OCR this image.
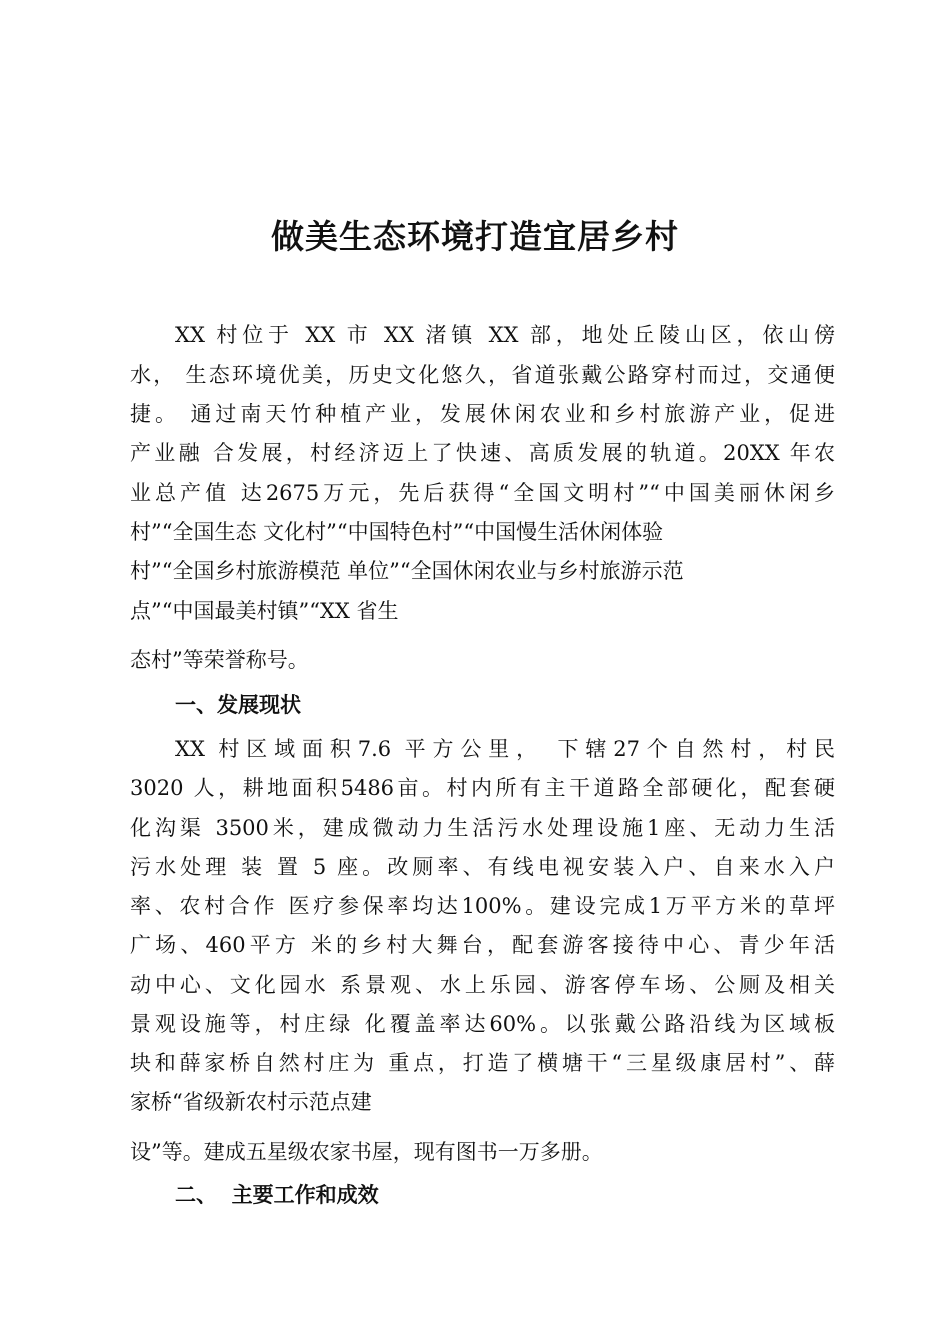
做美生态环境打造宜居乡村
XX 村位于 XX 市 XX 渚镇 XX 部，地处丘陵山区，依山傍
水， 生态环境优美，历史文化悠久，省道张戴公路穿村而过，交通便
捷。 通过南天竹种植产业，发展休闲农业和乡村旅游产业，促进
产业融 合发展，村经济迈上了快速、高质发展的轨道。20XX 年农
业总产值 达2675万元，先后获得“全国文明村”“中国美丽休闲乡
村”“全国生态 文化村”“中国特色村”“中国慢生活休闲体验
村”“全国乡村旅游模范 单位”“全国休闲农业与乡村旅游示范
点”“中国最美村镇”“XX 省生
态村”等荣誉称号。
一、发展现状
XX 村区域面积7.6 平方公里， 下辖27个自然村，村民
3020 人，耕地面积5486亩。村内所有主干道路全部硬化，配套硬
化沟渠 3500米，建成微动力生活污水处理设施1座、无动力生活
污水处理 装 置 5 座。改厕率、有线电视安装入户、自来水入户
率、农村合作 医疗参保率均达100%。建设完成1万平方米的草坪
广场、460平方 米的乡村大舞台，配套游客接待中心、青少年活
动中心、文化园水 系景观、水上乐园、游客停车场、公厕及相关
景观设施等，村庄绿 化覆盖率达60%。以张戴公路沿线为区域板
块和薛家桥自然村庄为 重点，打造了横塘干“三星级康居村”、薛
家桥“省级新农村示范点建
设”等。建成五星级农家书屋，现有图书一万多册。
二、  主要工作和成效
